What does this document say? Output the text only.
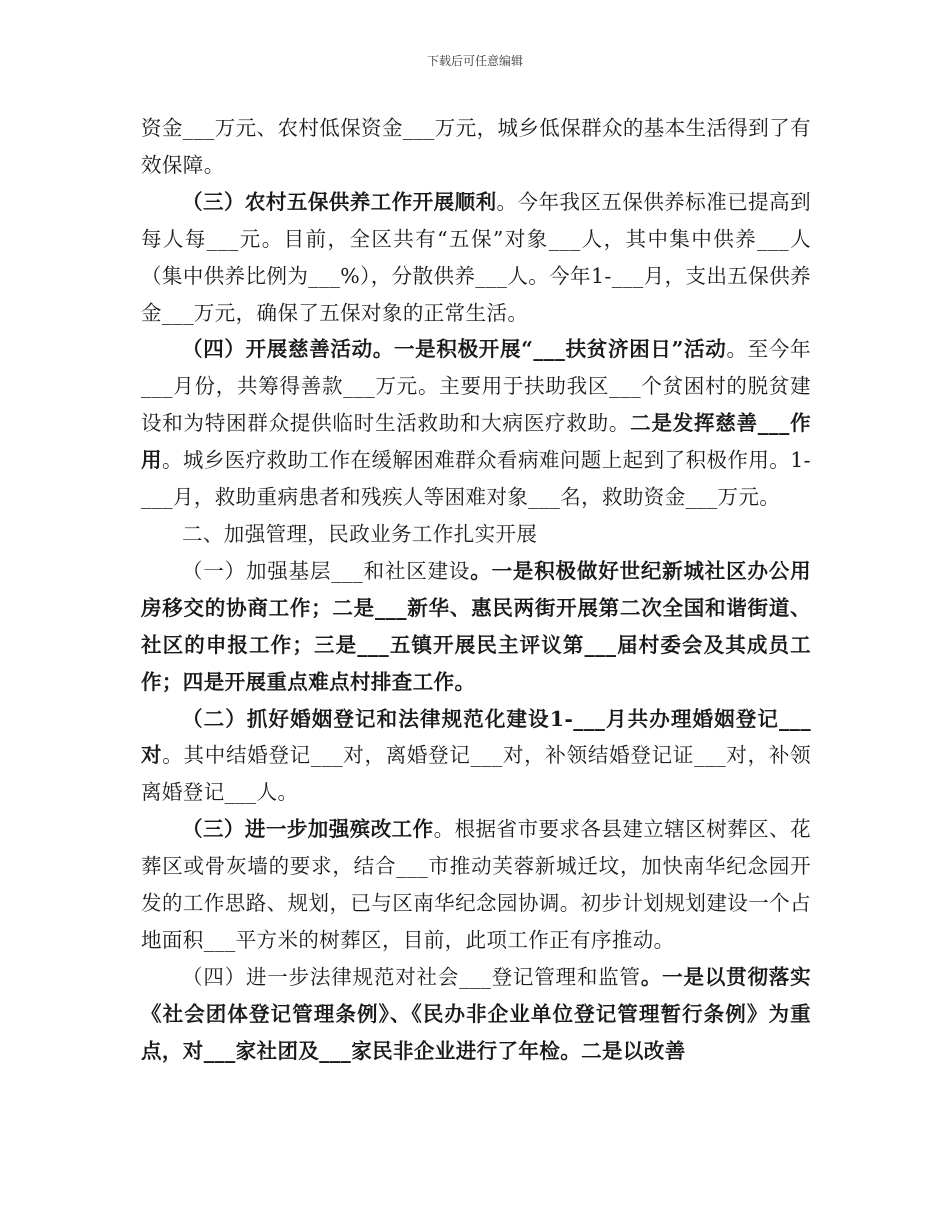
下载后可任意编辑

资金___万元、农村低保资金___万元，城乡低保群众的基本生活得到了有效保障。

（三）农村五保供养工作开展顺利。今年我区五保供养标准已提高到每人每___元。目前，全区共有“五保”对象___人，其中集中供养___人（集中供养比例为___%），分散供养___人。今年1-___月，支出五保供养金___万元，确保了五保对象的正常生活。

（四）开展慈善活动。一是积极开展“___扶贫济困日”活动。至今年___月份，共筹得善款___万元。主要用于扶助我区___个贫困村的脱贫建设和为特困群众提供临时生活救助和大病医疗救助。二是发挥慈善___作用。城乡医疗救助工作在缓解困难群众看病难问题上起到了积极作用。1-___月，救助重病患者和残疾人等困难对象___名，救助资金___万元。

二、加强管理，民政业务工作扎实开展

（一）加强基层___和社区建设。一是积极做好世纪新城社区办公用房移交的协商工作；二是___新华、惠民两街开展第二次全国和谐街道、社区的申报工作；三是___五镇开展民主评议第___届村委会及其成员工作；四是开展重点难点村排查工作。

（二）抓好婚姻登记和法律规范化建设1-___月共办理婚姻登记___对。其中结婚登记___对，离婚登记___对，补领结婚登记证___对，补领离婚登记___人。

（三）进一步加强殡改工作。根据省市要求各县建立辖区树葬区、花葬区或骨灰墙的要求，结合___市推动芙蓉新城迁坟，加快南华纪念园开发的工作思路、规划，已与区南华纪念园协调。初步计划规划建设一个占地面积___平方米的树葬区，目前，此项工作正有序推动。

（四）进一步法律规范对社会___登记管理和监管。一是以贯彻落实《社会团体登记管理条例》、《民办非企业单位登记管理暂行条例》为重点，对___家社团及___家民非企业进行了年检。二是以改善
